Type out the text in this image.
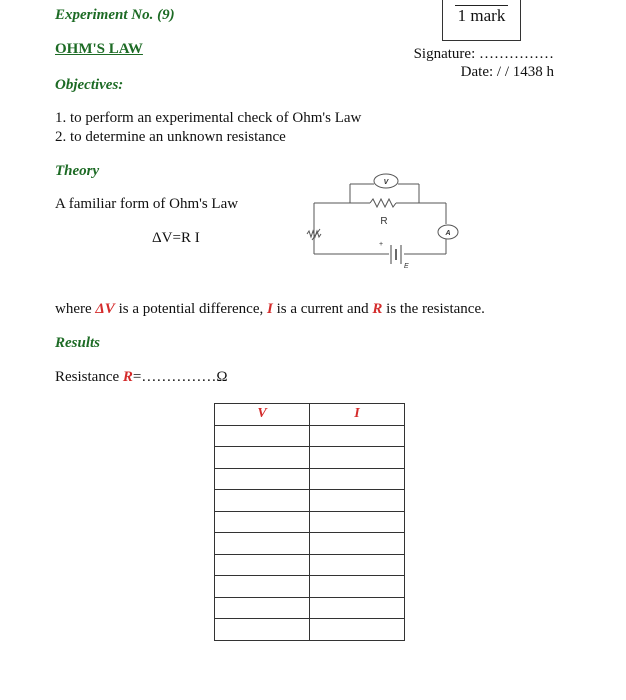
Experiment No. (9)	1 mark
OHM'S LAW	Signature: ……………
Date: / / 1438 h
Objectives:
1. to perform an experimental check of Ohm's Law
2. to determine an unknown resistance
Theory
A familiar form of Ohm's Law
ΔV=R I
V
A
R
E
+
where ΔV is a potential difference, I is a current and R is the resistance.
Results
Resistance R=……………Ω
V	I
